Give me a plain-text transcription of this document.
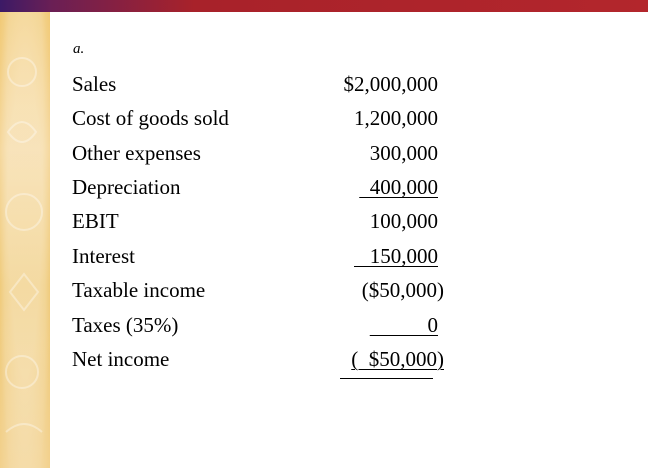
a.
Sales	$2,000,000
Cost of goods sold	1,200,000
Other expenses	300,000
Depreciation	400,000
EBIT	100,000
Interest	150,000
Taxable income	($50,000)
Taxes (35%)	0
Net income	(  $50,000)
